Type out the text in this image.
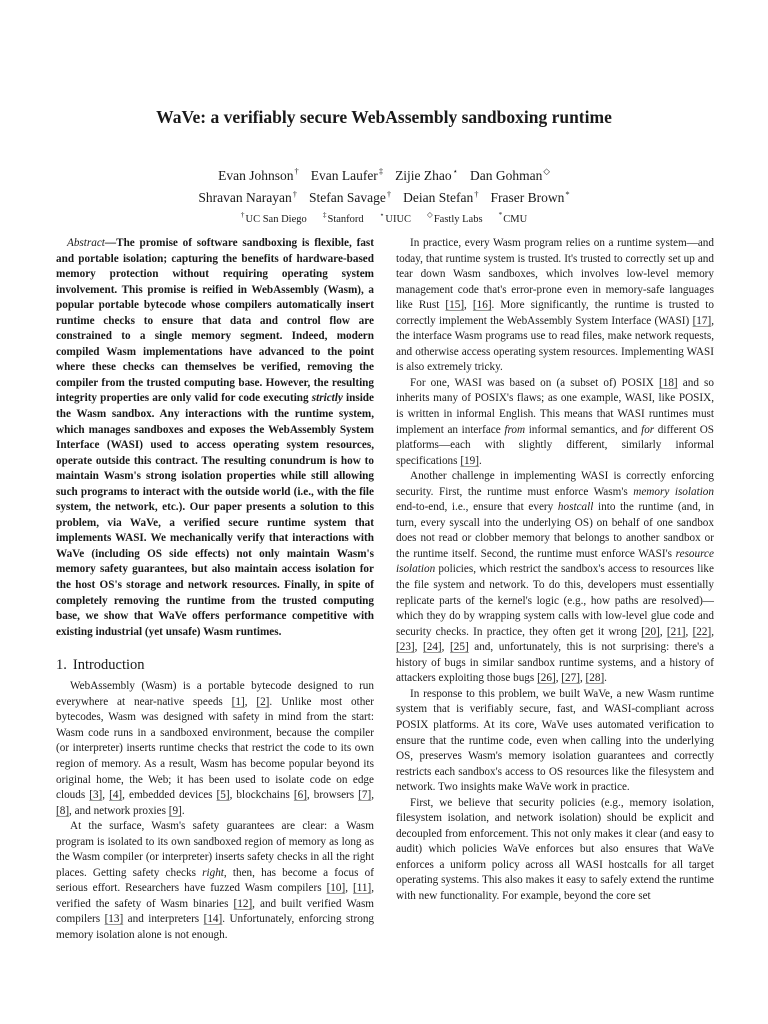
WaVe: a verifiably secure WebAssembly sandboxing runtime
Evan Johnson† Evan Laufer‡ Zijie Zhao⋆ Dan Gohman◇
Shravan Narayan† Stefan Savage† Deian Stefan† Fraser Brown*
†UC San Diego ‡Stanford ⋆UIUC ◇Fastly Labs *CMU

Abstract—The promise of software sandboxing is flexible, fast and portable isolation; capturing the benefits of hardware-based memory protection without requiring operating system involvement. This promise is reified in WebAssembly (Wasm), a popular portable bytecode whose compilers automatically insert runtime checks to ensure that data and control flow are constrained to a single memory segment. Indeed, modern compiled Wasm implementations have advanced to the point where these checks can themselves be verified, removing the compiler from the trusted computing base. However, the resulting integrity properties are only valid for code executing strictly inside the Wasm sandbox. Any interactions with the runtime system, which manages sandboxes and exposes the WebAssembly System Interface (WASI) used to access operating system resources, operate outside this contract. The resulting conundrum is how to maintain Wasm's strong isolation properties while still allowing such programs to interact with the outside world (i.e., with the file system, the network, etc.). Our paper presents a solution to this problem, via WaVe, a verified secure runtime system that implements WASI. We mechanically verify that interactions with WaVe (including OS side effects) not only maintain Wasm's memory safety guarantees, but also maintain access isolation for the host OS's storage and network resources. Finally, in spite of completely removing the runtime from the trusted computing base, we show that WaVe offers performance competitive with existing industrial (yet unsafe) Wasm runtimes.

1. Introduction

WebAssembly (Wasm) is a portable bytecode designed to run everywhere at near-native speeds [1], [2]. Unlike most other bytecodes, Wasm was designed with safety in mind from the start: Wasm code runs in a sandboxed environment, because the compiler (or interpreter) inserts runtime checks that restrict the code to its own region of memory. As a result, Wasm has become popular beyond its original home, the Web; it has been used to isolate code on edge clouds [3], [4], embedded devices [5], blockchains [6], browsers [7], [8], and network proxies [9].

At the surface, Wasm's safety guarantees are clear: a Wasm program is isolated to its own sandboxed region of memory as long as the Wasm compiler (or interpreter) inserts safety checks in all the right places. Getting safety checks right, then, has become a focus of serious effort. Researchers have fuzzed Wasm compilers [10], [11], verified the safety of Wasm binaries [12], and built verified Wasm compilers [13] and interpreters [14]. Unfortunately, enforcing strong memory isolation alone is not enough.

In practice, every Wasm program relies on a runtime system—and today, that runtime system is trusted. It's trusted to correctly set up and tear down Wasm sandboxes, which involves low-level memory management code that's error-prone even in memory-safe languages like Rust [15], [16]. More significantly, the runtime is trusted to correctly implement the WebAssembly System Interface (WASI) [17], the interface Wasm programs use to read files, make network requests, and otherwise access operating system resources. Implementing WASI is also extremely tricky.

For one, WASI was based on (a subset of) POSIX [18] and so inherits many of POSIX's flaws; as one example, WASI, like POSIX, is written in informal English. This means that WASI runtimes must implement an interface from informal semantics, and for different OS platforms—each with slightly different, similarly informal specifications [19].

Another challenge in implementing WASI is correctly enforcing security. First, the runtime must enforce Wasm's memory isolation end-to-end, i.e., ensure that every hostcall into the runtime (and, in turn, every syscall into the underlying OS) on behalf of one sandbox does not read or clobber memory that belongs to another sandbox or the runtime itself. Second, the runtime must enforce WASI's resource isolation policies, which restrict the sandbox's access to resources like the file system and network. To do this, developers must essentially replicate parts of the kernel's logic (e.g., how paths are resolved)—which they do by wrapping system calls with low-level glue code and security checks. In practice, they often get it wrong [20], [21], [22], [23], [24], [25] and, unfortunately, this is not surprising: there's a history of bugs in similar sandbox runtime systems, and a history of attackers exploiting those bugs [26], [27], [28].

In response to this problem, we built WaVe, a new Wasm runtime system that is verifiably secure, fast, and WASI-compliant across POSIX platforms. At its core, WaVe uses automated verification to ensure that the runtime code, even when calling into the underlying OS, preserves Wasm's memory isolation guarantees and correctly restricts each sandbox's access to OS resources like the filesystem and network. Two insights make WaVe work in practice.

First, we believe that security policies (e.g., memory isolation, filesystem isolation, and network isolation) should be explicit and decoupled from enforcement. This not only makes it clear (and easy to audit) which policies WaVe enforces but also ensures that WaVe enforces a uniform policy across all WASI hostcalls for all target operating systems. This also makes it easy to safely extend the runtime with new functionality. For example, beyond the core set
